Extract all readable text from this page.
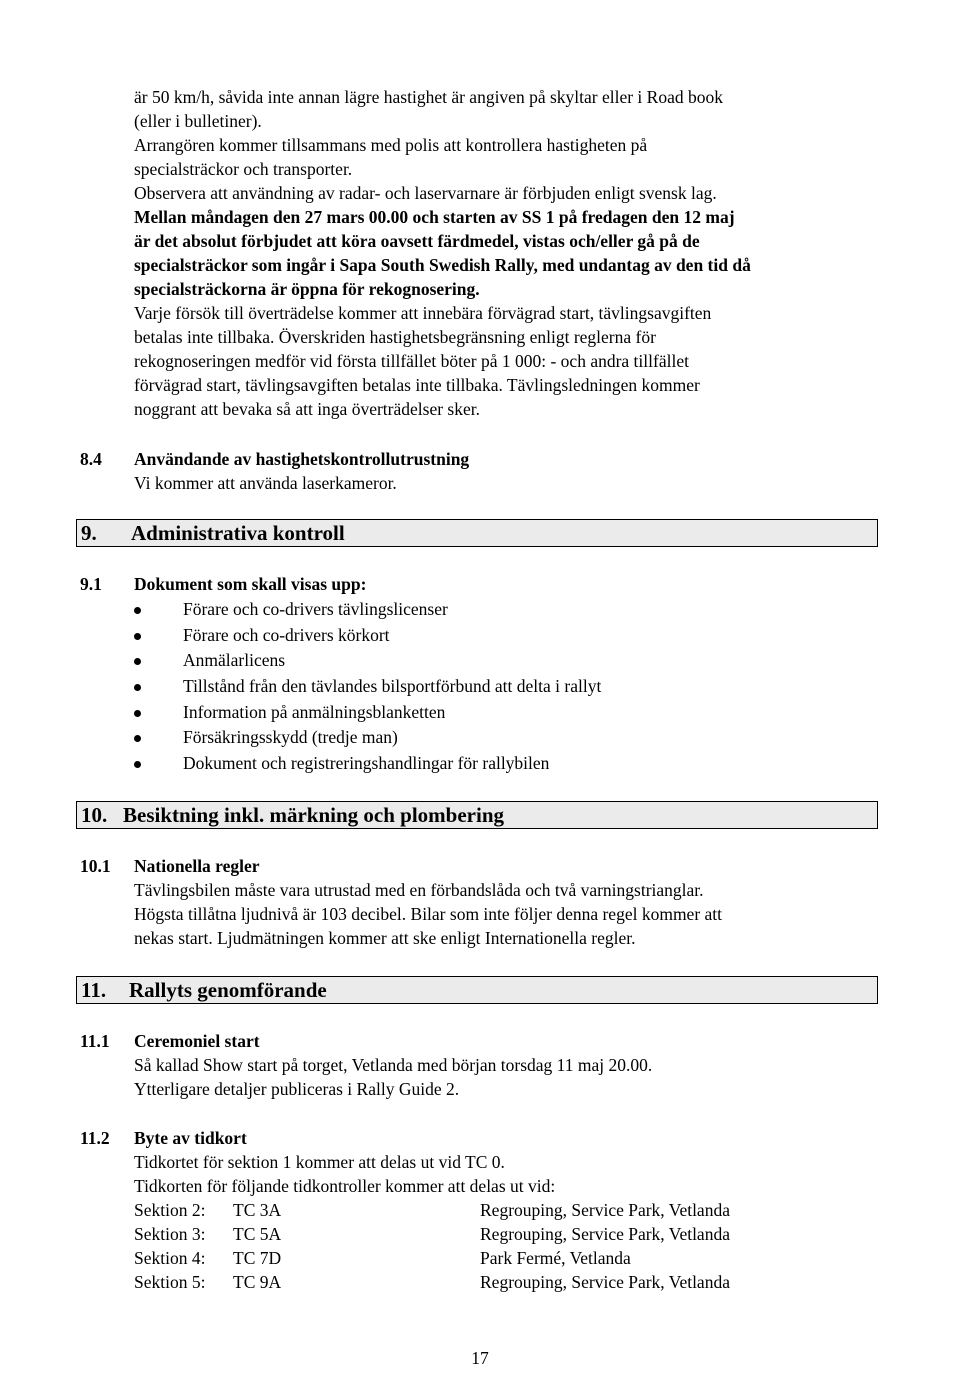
är 50 km/h, såvida inte annan lägre hastighet är angiven på skyltar eller i Road book
(eller i bulletiner).
Arrangören kommer tillsammans med polis att kontrollera hastigheten på
specialsträckor och transporter.
Observera att användning av radar- och laservarnare är förbjuden enligt svensk lag.
Mellan måndagen den 27 mars 00.00 och starten av SS 1 på fredagen den 12 maj
är det absolut förbjudet att köra oavsett färdmedel, vistas och/eller gå på de
specialsträckor som ingår i Sapa South Swedish Rally, med undantag av den tid då
specialsträckorna är öppna för rekognosering.
Varje försök till överträdelse kommer att innebära förvägrad start, tävlingsavgiften
betalas inte tillbaka. Överskriden hastighetsbegränsning enligt reglerna för
rekognoseringen medför vid första tillfället böter på 1 000: - och andra tillfället
förvägrad start, tävlingsavgiften betalas inte tillbaka. Tävlingsledningen kommer
noggrant att bevaka så att inga överträdelser sker.
8.4 Användande av hastighetskontrollutrustning
Vi kommer att använda laserkameror.
9. Administrativa kontroll
9.1 Dokument som skall visas upp:
Förare och co-drivers tävlingslicenser
Förare och co-drivers körkort
Anmälarlicens
Tillstånd från den tävlandes bilsportförbund att delta i rallyt
Information på anmälningsblanketten
Försäkringsskydd (tredje man)
Dokument och registreringshandlingar för rallybilen
10. Besiktning inkl. märkning och plombering
10.1 Nationella regler
Tävlingsbilen måste vara utrustad med en förbandslåda och två varningstrianglar.
Högsta tillåtna ljudnivå är 103 decibel. Bilar som inte följer denna regel kommer att
nekas start. Ljudmätningen kommer att ske enligt Internationella regler.
11. Rallyts genomförande
11.1 Ceremoniel start
Så kallad Show start på torget, Vetlanda med början torsdag 11 maj 20.00.
Ytterligare detaljer publiceras i Rally Guide 2.
11.2 Byte av tidkort
Tidkortet för sektion 1 kommer att delas ut vid TC 0.
Tidkorten för följande tidkontroller kommer att delas ut vid:
Sektion 2: TC 3A	Regrouping, Service Park, Vetlanda
Sektion 3: TC 5A	Regrouping, Service Park, Vetlanda
Sektion 4: TC 7D	Park Fermé, Vetlanda
Sektion 5: TC 9A	Regrouping, Service Park, Vetlanda
17
